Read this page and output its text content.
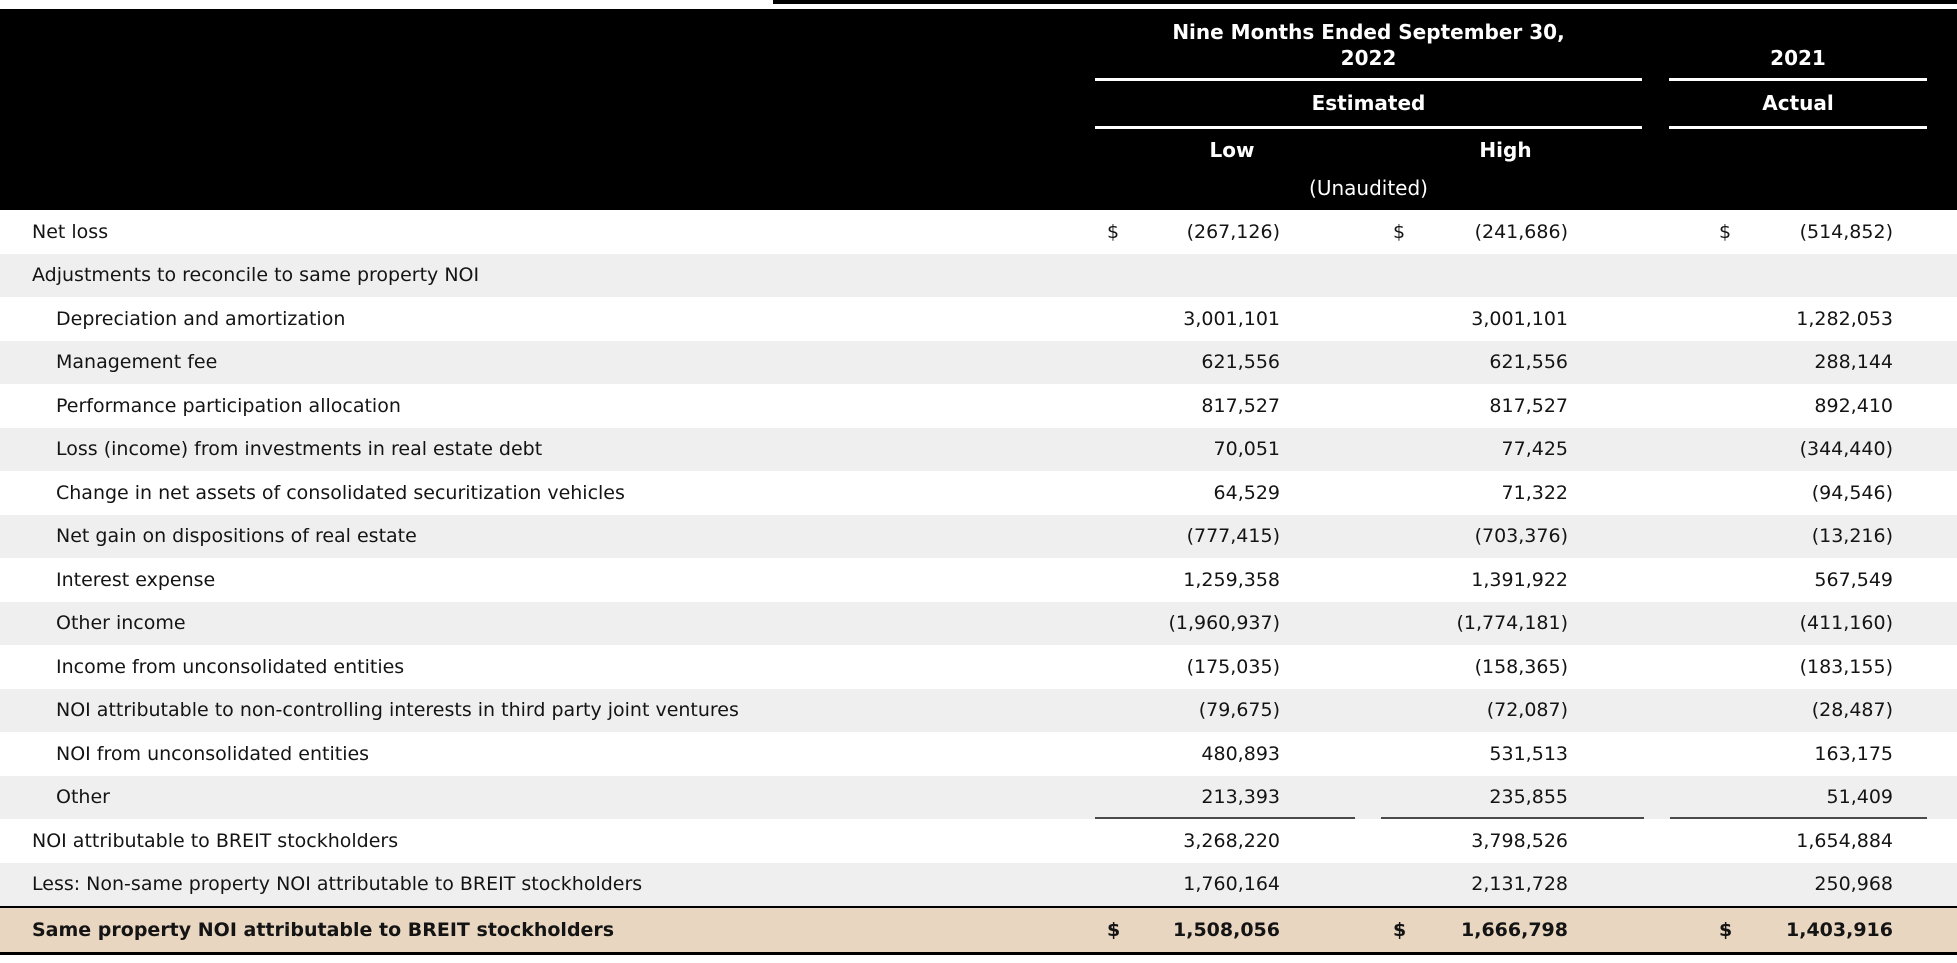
Nine Months Ended September 30,
2022	2021
Estimated	Actual
Low	High
(Unaudited)
Net loss	$	(267,126)	$	(241,686)	$	(514,852)
Adjustments to reconcile to same property NOI
Depreciation and amortization	3,001,101	3,001,101	1,282,053
Management fee	621,556	621,556	288,144
Performance participation allocation	817,527	817,527	892,410
Loss (income) from investments in real estate debt	70,051	77,425	(344,440)
Change in net assets of consolidated securitization vehicles	64,529	71,322	(94,546)
Net gain on dispositions of real estate	(777,415)	(703,376)	(13,216)
Interest expense	1,259,358	1,391,922	567,549
Other income	(1,960,937)	(1,774,181)	(411,160)
Income from unconsolidated entities	(175,035)	(158,365)	(183,155)
NOI attributable to non-controlling interests in third party joint ventures	(79,675)	(72,087)	(28,487)
NOI from unconsolidated entities	480,893	531,513	163,175
Other	213,393	235,855	51,409
NOI attributable to BREIT stockholders	3,268,220	3,798,526	1,654,884
Less: Non-same property NOI attributable to BREIT stockholders	1,760,164	2,131,728	250,968
Same property NOI attributable to BREIT stockholders	$	1,508,056	$	1,666,798	$	1,403,916
